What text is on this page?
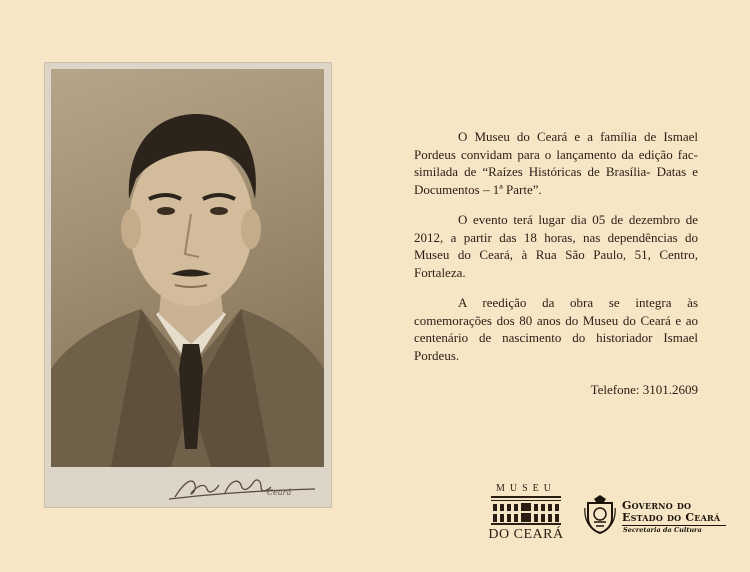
Ceará

O Museu do Ceará e a família de Ismael Pordeus convidam para o lançamento da edição fac-similada de “Raízes Históricas de Brasília- Datas e Documentos – 1ª Parte”.

O evento terá lugar dia 05 de dezembro de 2012, a partir das 18 horas, nas dependências do Museu do Ceará, à Rua São Paulo, 51, Centro, Fortaleza.

A reedição da obra se integra às comemorações dos 80 anos do Museu do Ceará e ao centenário de nascimento do historiador Ismael Pordeus.

Telefone: 3101.2609
MUSEU
DO CEARÁ
Governo do
Estado do Ceará
Secretaria da Cultura
